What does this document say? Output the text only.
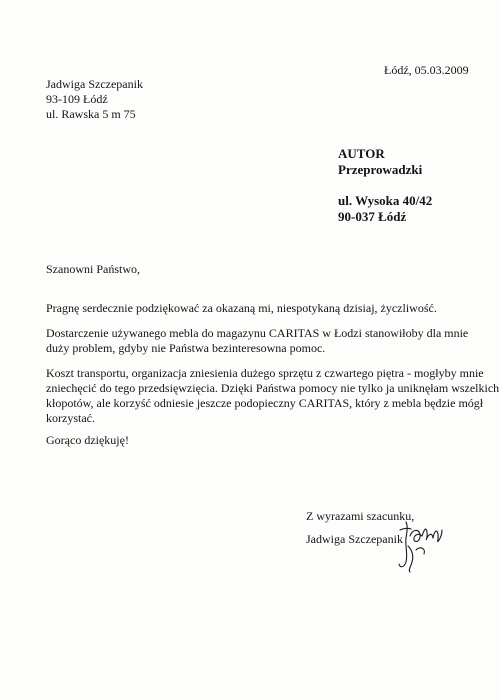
Łódź, 05.03.2009
Jadwiga Szczepanik
93-109 Łódź
ul. Rawska 5 m 75
AUTOR
Przeprowadzki
ul. Wysoka 40/42
90-037 Łódź
Szanowni Państwo,
Pragnę serdecznie podziękować za okazaną mi, niespotykaną dzisiaj, życzliwość.
Dostarczenie używanego mebla do magazynu CARITAS w Łodzi stanowiłoby dla mnie
duży problem, gdyby nie Państwa bezinteresowna pomoc.
Koszt transportu, organizacja zniesienia dużego sprzętu z czwartego piętra - mogłyby mnie
zniechęcić do tego przedsięwzięcia. Dzięki Państwa pomocy nie tylko ja uniknęłam wszelkich
kłopotów, ale korzyść odniesie jeszcze podopieczny CARITAS, który z mebla będzie mógł
korzystać.
Gorąco dziękuję!
Z wyrazami szacunku,
Jadwiga Szczepanik
